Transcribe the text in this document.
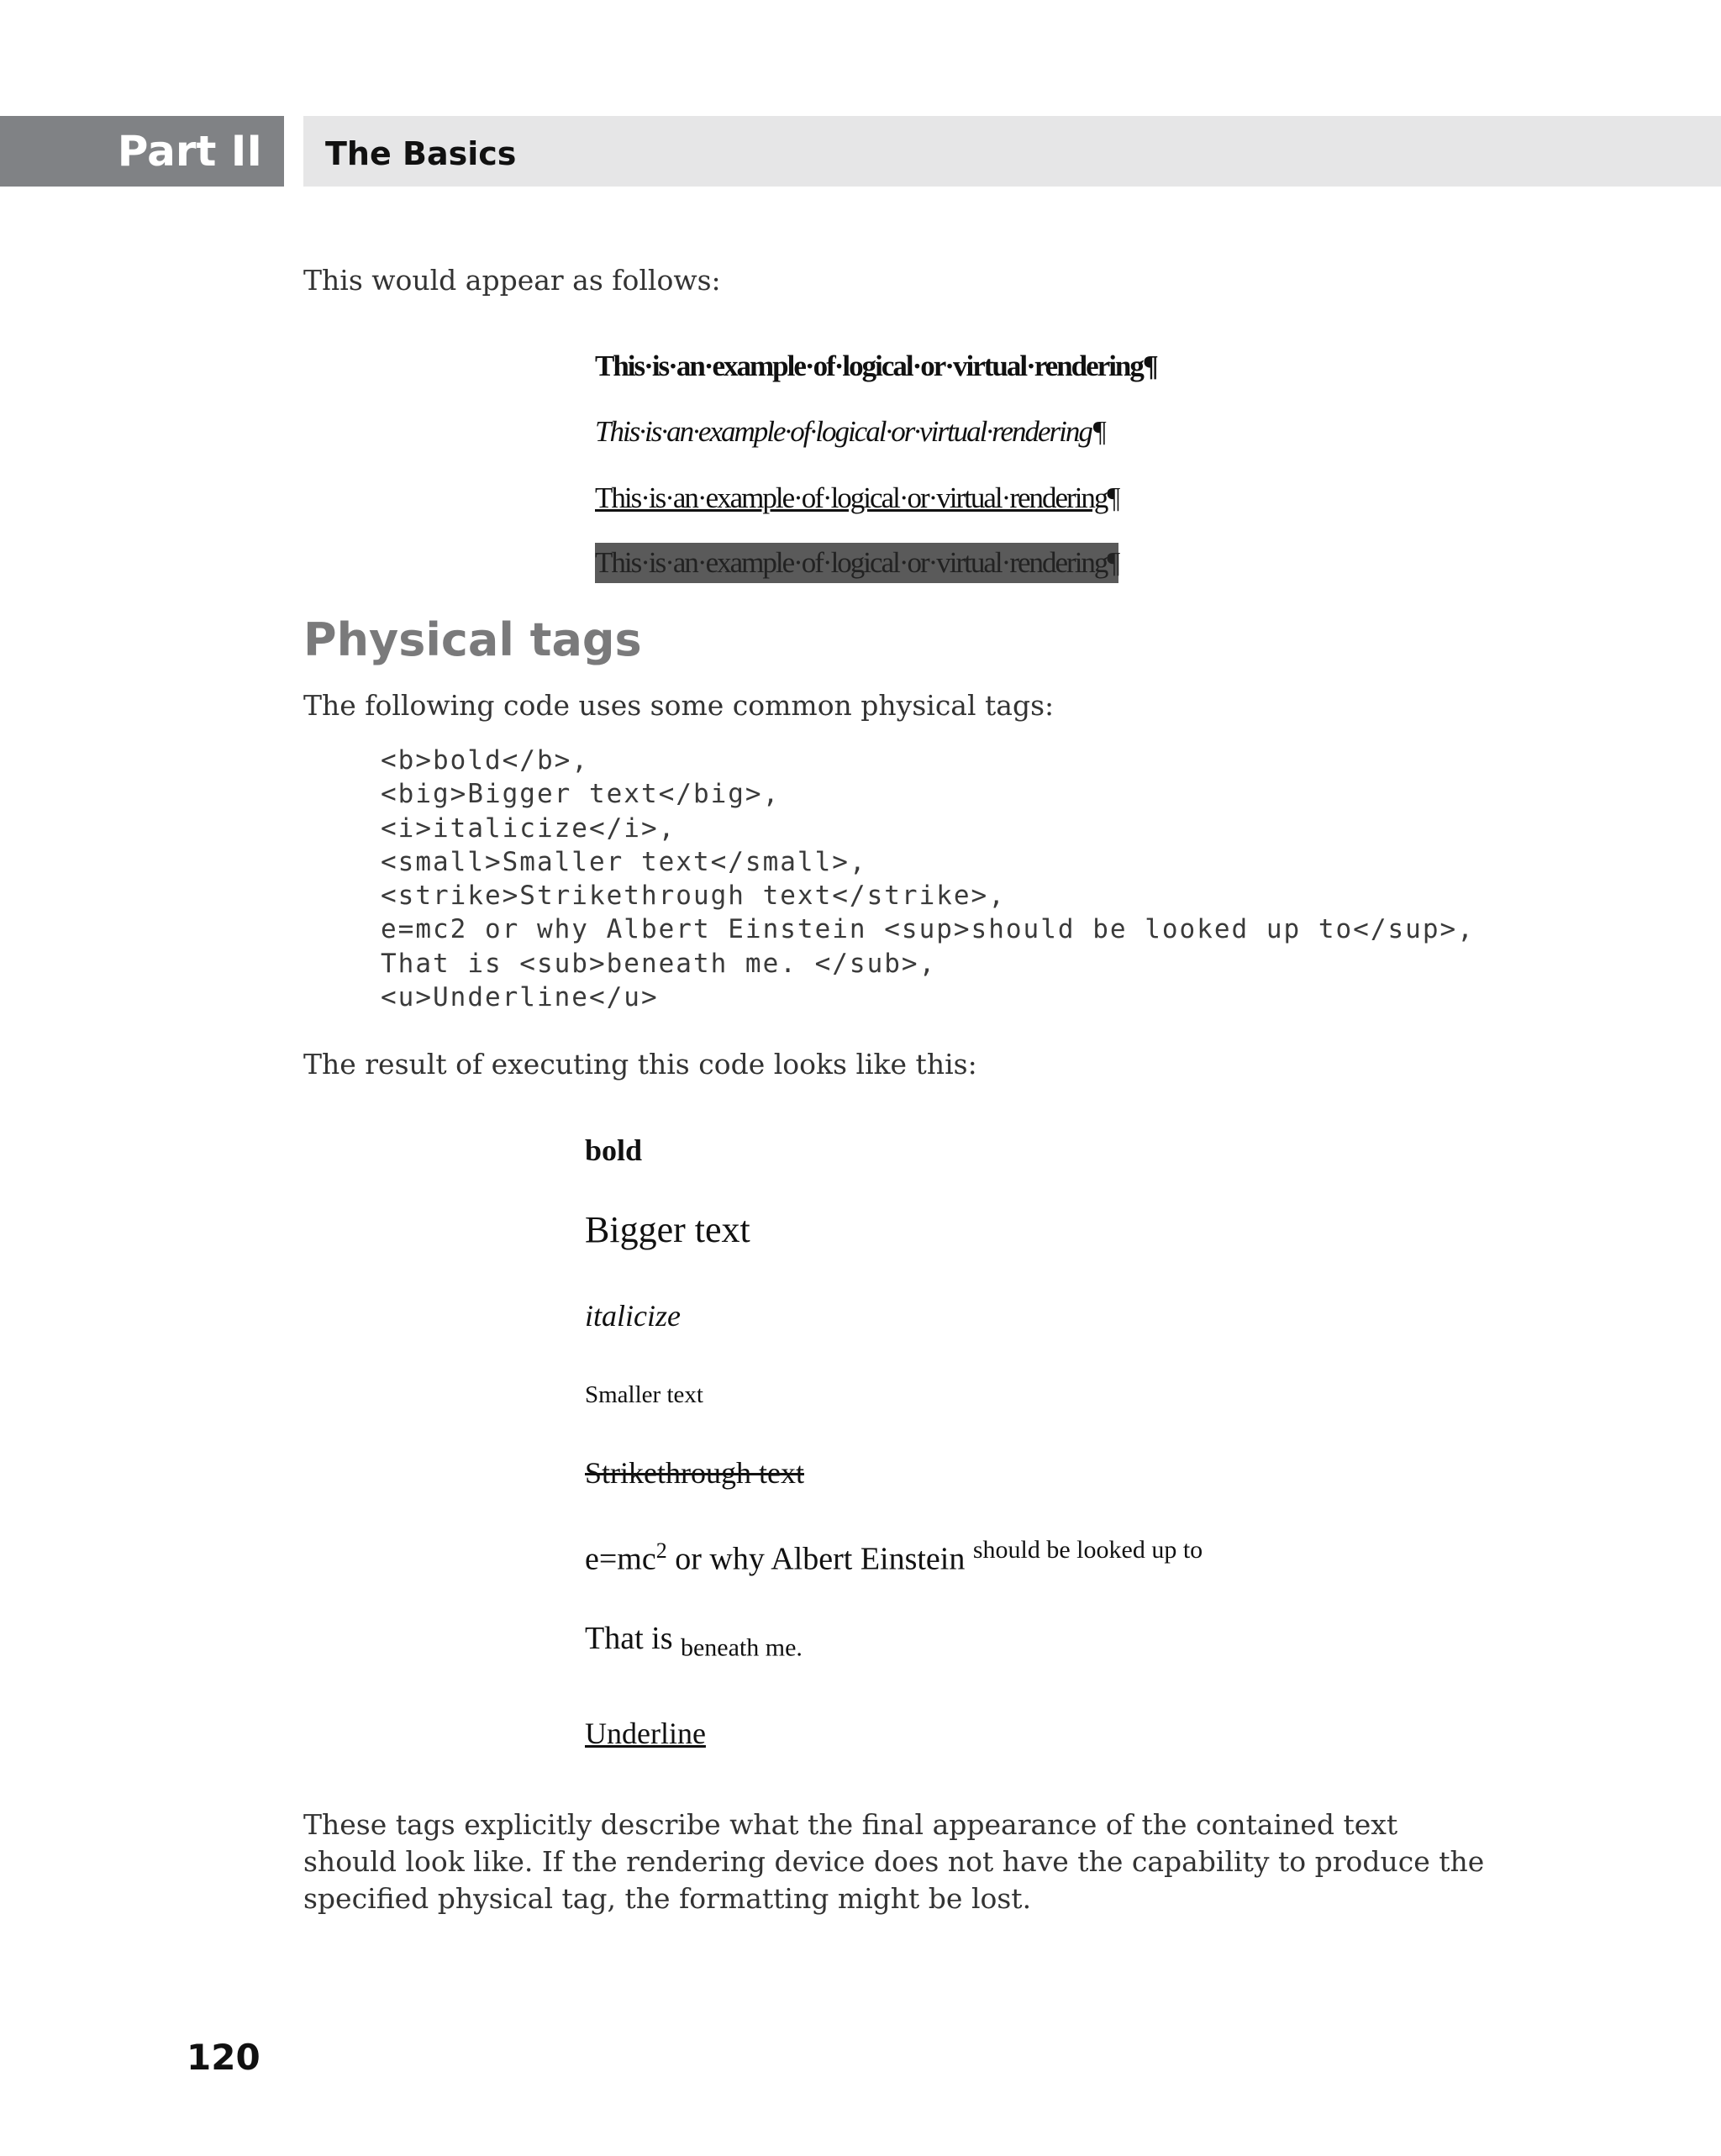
Part II	The Basics

This would appear as follows:

This·is·an·example·of·logical·or·virtual·rendering¶
This·is·an·example·of·logical·or·virtual·rendering¶
This·is·an·example·of·logical·or·virtual·rendering¶
This·is·an·example·of·logical·or·virtual·rendering¶
Physical tags

The following code uses some common physical tags:

<b>bold</b>,
<big>Bigger text</big>,
<i>italicize</i>,
<small>Smaller text</small>,
<strike>Strikethrough text</strike>,
e=mc2 or why Albert Einstein <sup>should be looked up to</sup>,
That is <sub>beneath me. </sub>,
<u>Underline</u>

The result of executing this code looks like this:

bold
Bigger text
italicize
Smaller text
Strikethrough text
$e=mc^2$ or why Albert Einstein $^{should be looked up to}$
That is $_{beneath me.}$
Underline

These tags explicitly describe what the final appearance of the contained text should look like. If the rendering device does not have the capability to produce the specified physical tag, the formatting might be lost.

120
